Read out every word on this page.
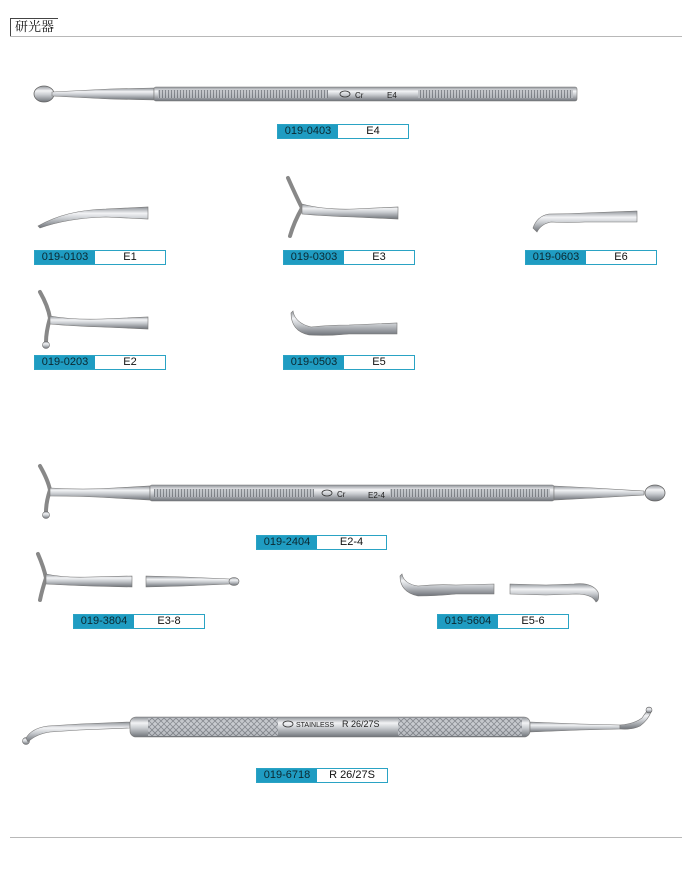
研光器
Cr	E4
019-0403	E4
019-0103	E1	019-0303	E3	019-0603	E6
019-0203	E2	019-0503	E5
Cr	E2-4
019-2404	E2-4
019-3804	E3-8	019-5604	E5-6
STAINLESS R 26/27S
019-6718	R 26/27S
